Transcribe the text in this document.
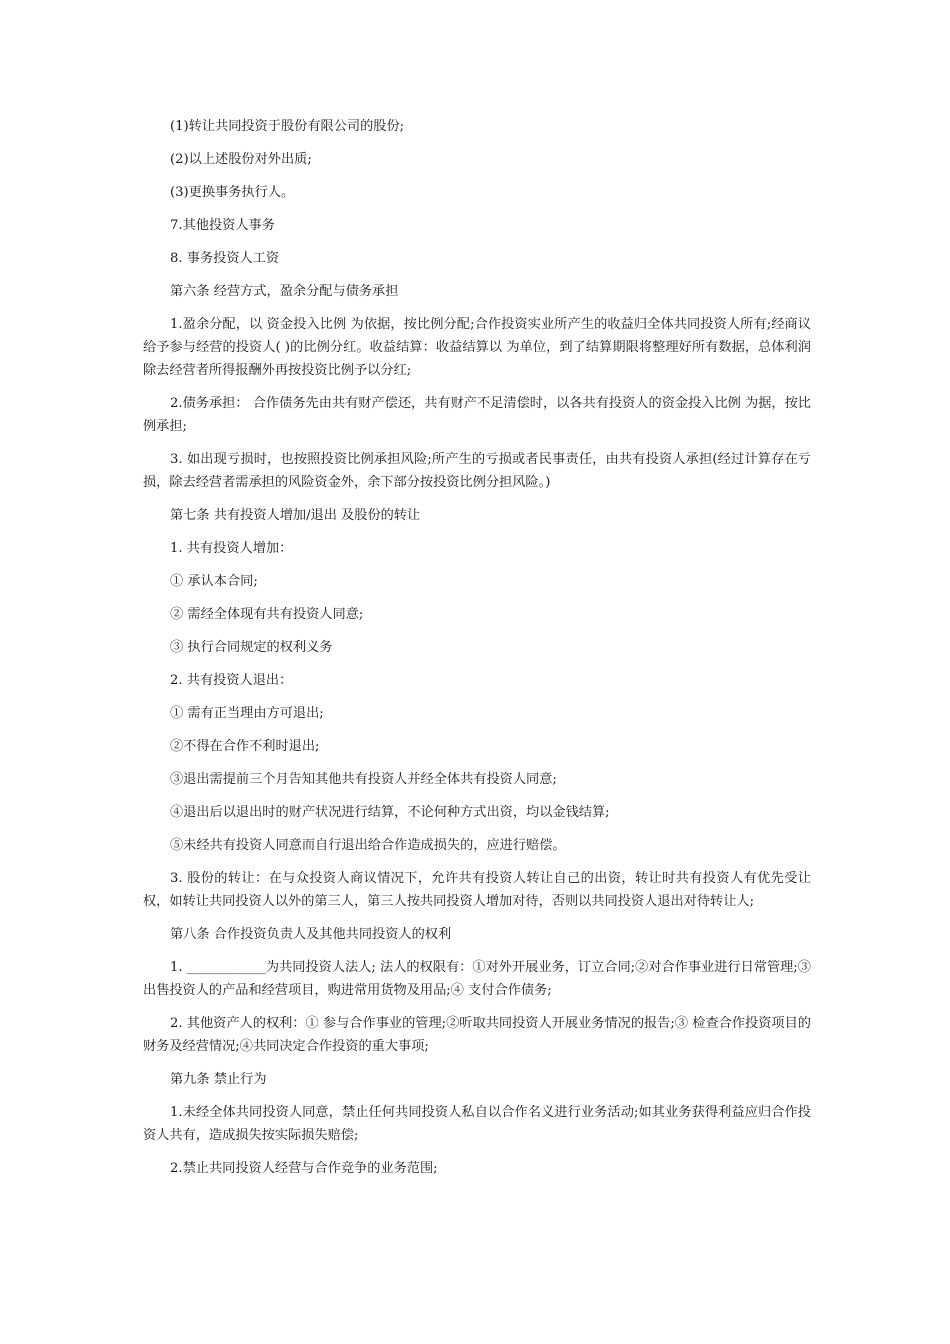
(1)转让共同投资于股份有限公司的股份;

(2)以上述股份对外出质;

(3)更换事务执行人。

7.其他投资人事务

8. 事务投资人工资

第六条 经营方式，盈余分配与债务承担

1.盈余分配，以 资金投入比例 为依据，按比例分配;合作投资实业所产生的收益归全体共同投资人所有;经商议给予参与经营的投资人( )的比例分红。收益结算：收益结算以 为单位，到了结算期限将整理好所有数据，总体利润除去经营者所得报酬外再按投资比例予以分红;

2.债务承担： 合作债务先由共有财产偿还，共有财产不足清偿时，以各共有投资人的资金投入比例 为据，按比例承担;

3. 如出现亏损时，也按照投资比例承担风险;所产生的亏损或者民事责任，由共有投资人承担(经过计算存在亏损，除去经营者需承担的风险资金外，余下部分按投资比例分担风险。)

第七条 共有投资人增加/退出 及股份的转让

1. 共有投资人增加：

① 承认本合同;

② 需经全体现有共有投资人同意;

③ 执行合同规定的权利义务

2. 共有投资人退出：

① 需有正当理由方可退出;

②不得在合作不利时退出;

③退出需提前三个月告知其他共有投资人并经全体共有投资人同意;

④退出后以退出时的财产状况进行结算，不论何种方式出资，均以金钱结算;

⑤未经共有投资人同意而自行退出给合作造成损失的，应进行赔偿。

3. 股份的转让：在与众投资人商议情况下，允许共有投资人转让自己的出资，转让时共有投资人有优先受让权，如转让共同投资人以外的第三人，第三人按共同投资人增加对待，否则以共同投资人退出对待转让人;

第八条 合作投资负责人及其他共同投资人的权利

1. ____________为共同投资人法人; 法人的权限有：①对外开展业务，订立合同;②对合作事业进行日常管理;③出售投资人的产品和经营项目，购进常用货物及用品;④ 支付合作债务;

2. 其他资产人的权利：① 参与合作事业的管理;②听取共同投资人开展业务情况的报告;③ 检查合作投资项目的财务及经营情况;④共同决定合作投资的重大事项;

第九条 禁止行为

1.未经全体共同投资人同意，禁止任何共同投资人私自以合作名义进行业务活动;如其业务获得利益应归合作投资人共有，造成损失按实际损失赔偿;

2.禁止共同投资人经营与合作竞争的业务范围;
